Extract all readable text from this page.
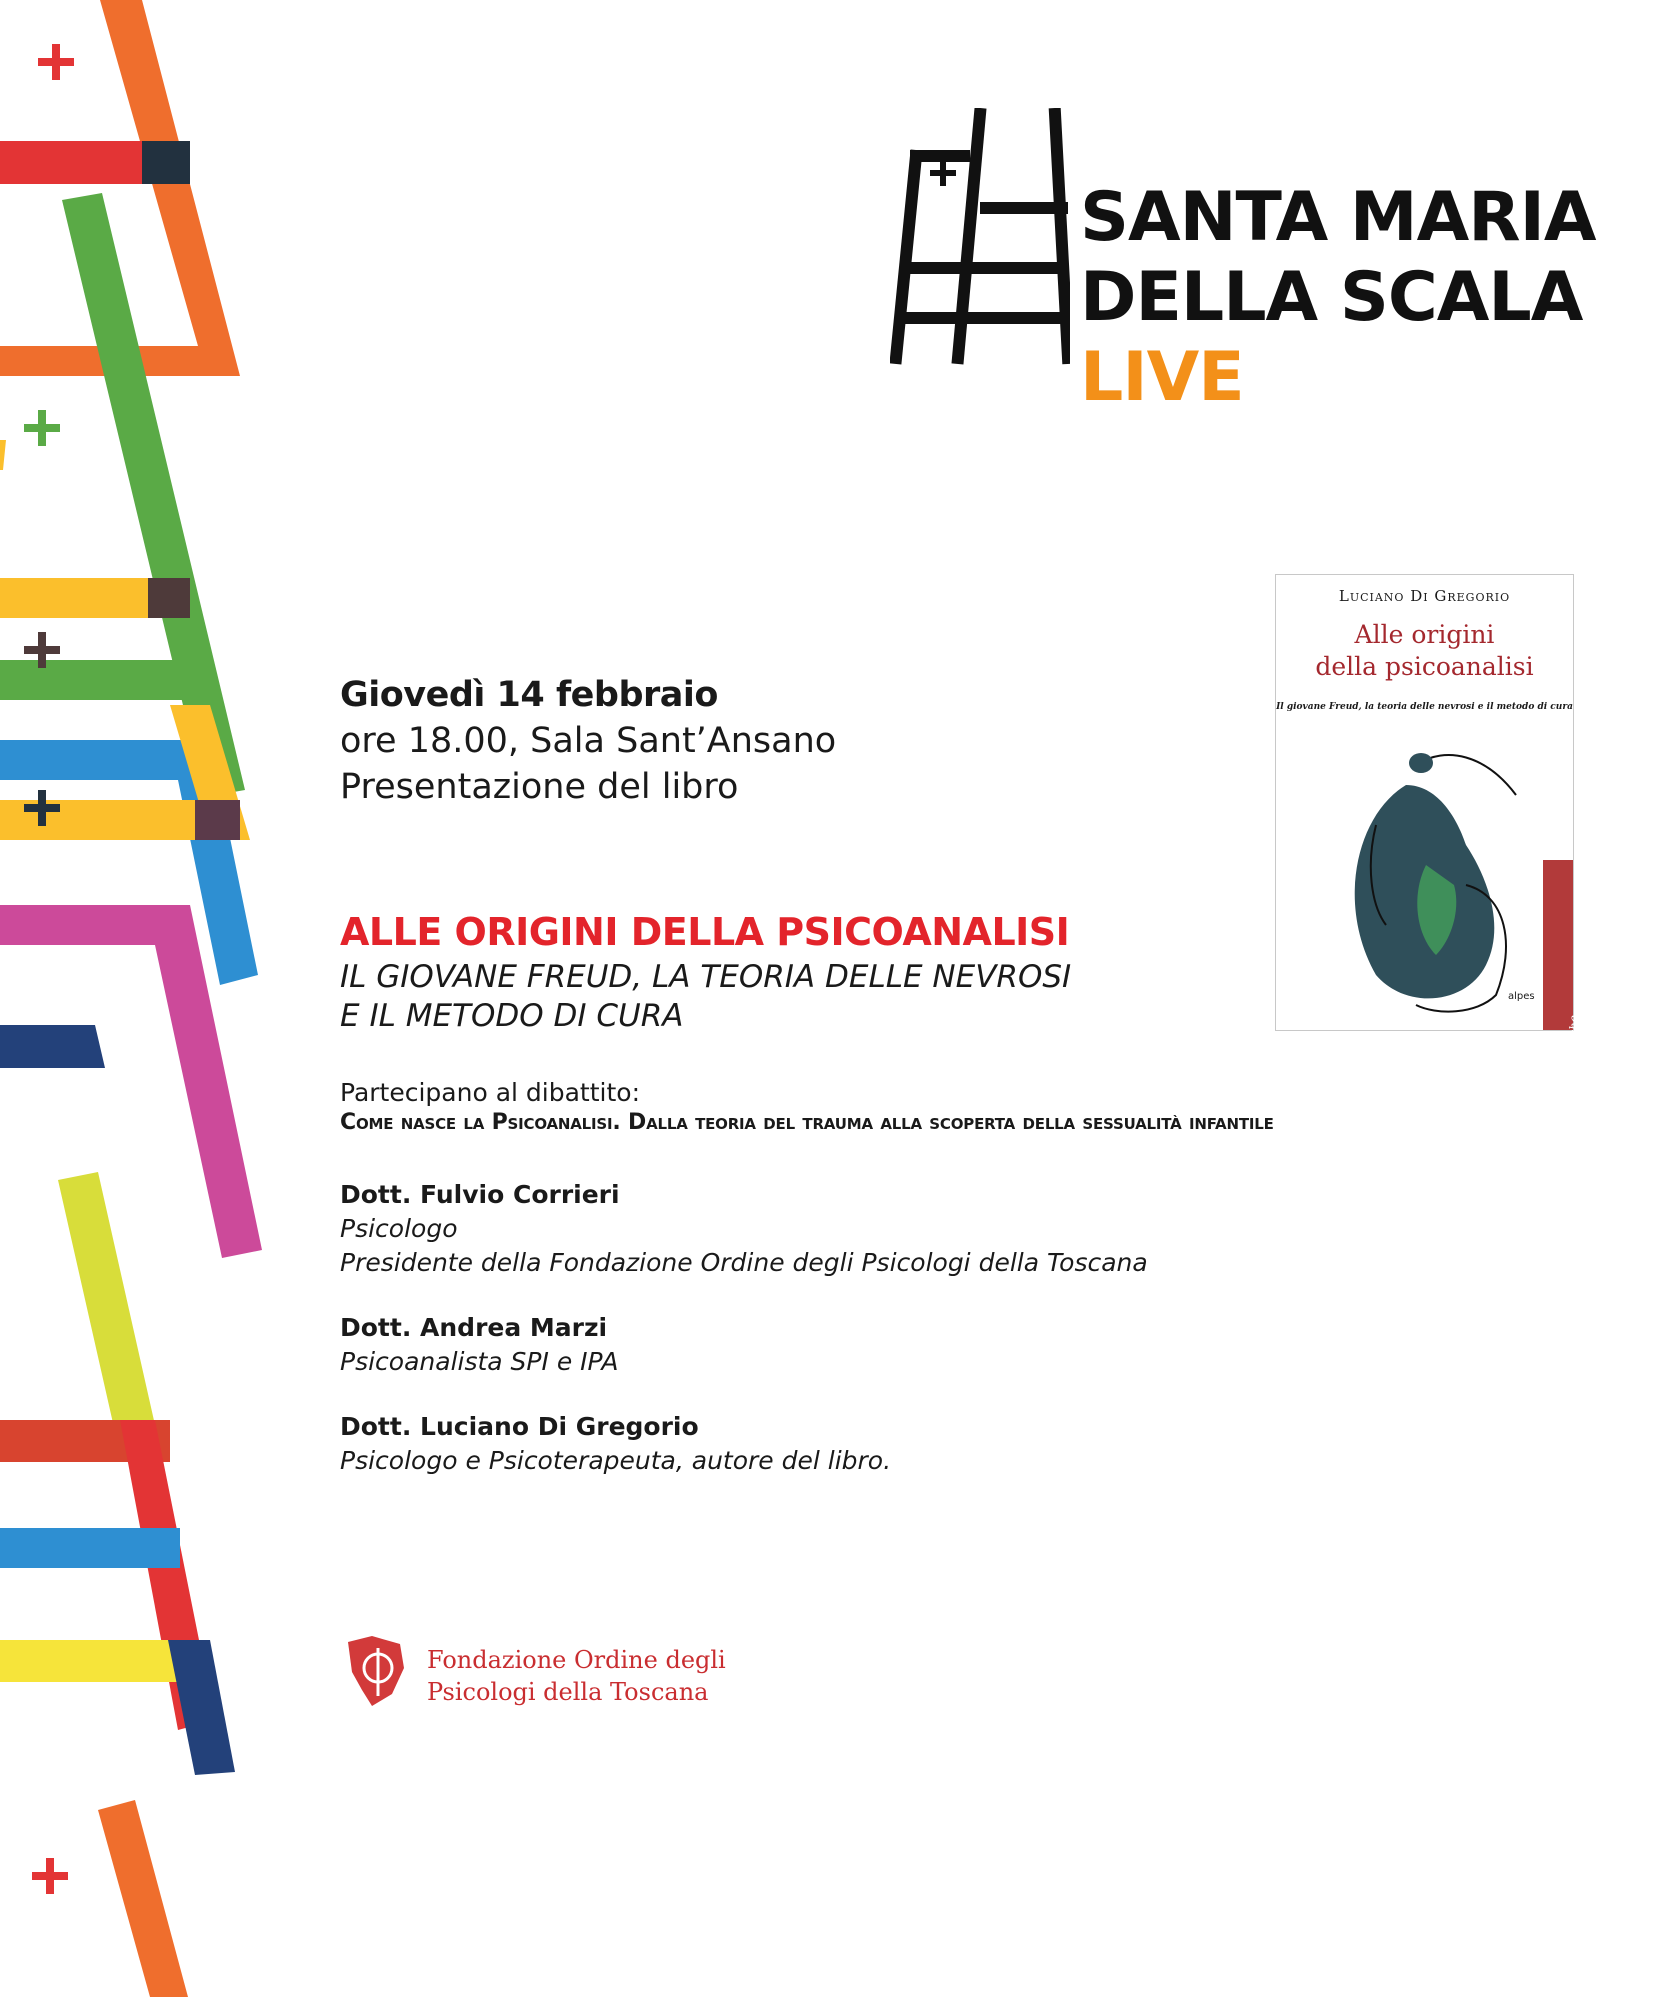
SANTA MARIA
DELLA SCALA
LIVE
Giovedì 14 febbraio
ore 18.00, Sala Sant’Ansano
Presentazione del libro
ALLE ORIGINI DELLA PSICOANALISI
IL GIOVANE FREUD, LA TEORIA DELLE NEVROSI
E IL METODO DI CURA
Partecipano al dibattito:
Come nasce la Psicoanalisi. Dalla teoria del trauma alla scoperta della sessualità infantile
Dott. Fulvio Corrieri
Psicologo
Presidente della Fondazione Ordine degli Psicologi della Toscana
Dott. Andrea Marzi
Psicoanalista SPI e IPA
Dott. Luciano Di Gregorio
Psicologo e Psicoterapeuta, autore del libro.
Luciano Di Gregorio
Alle origini
della psicoanalisi
Il giovane Freud, la teoria delle nevrosi e il metodo di cura
alpes
I territori della Psiche
Fondazione Ordine degli
Psicologi della Toscana
